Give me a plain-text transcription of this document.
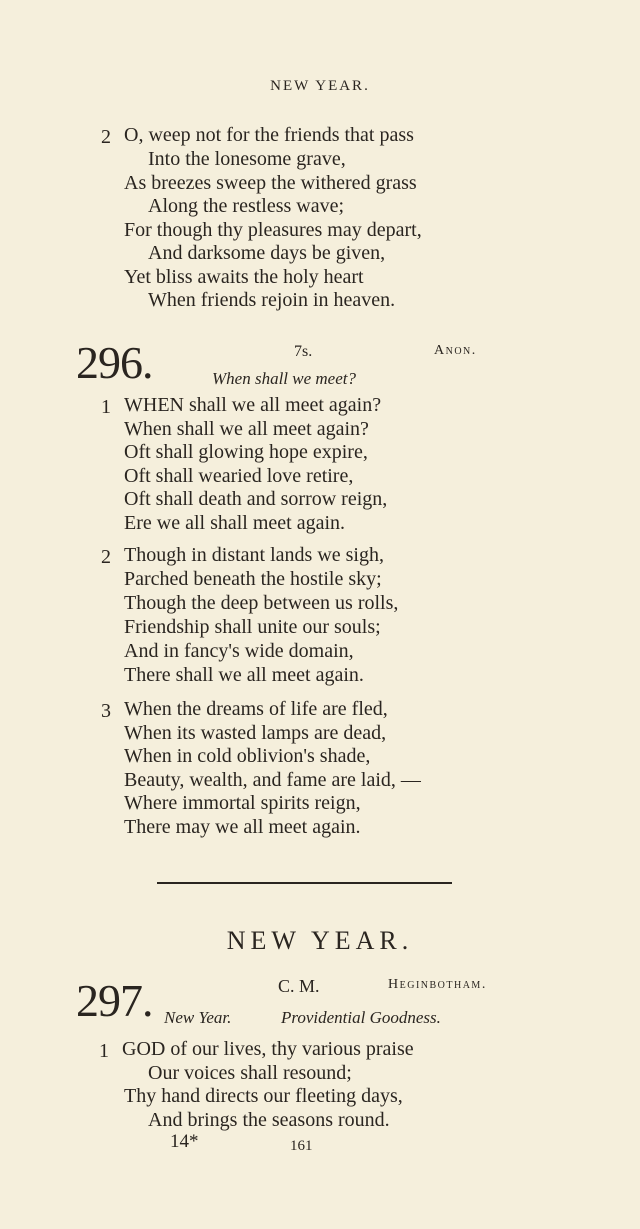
NEW YEAR.
2 O, weep not for the friends that pass
Into the lonesome grave,
As breezes sweep the withered grass
Along the restless wave;
For though thy pleasures may depart,
And darksome days be given,
Yet bliss awaits the holy heart
When friends rejoin in heaven.
296.	7s.	Anon.
When shall we meet?
1 WHEN shall we all meet again?
When shall we all meet again?
Oft shall glowing hope expire,
Oft shall wearied love retire,
Oft shall death and sorrow reign,
Ere we all shall meet again.
2 Though in distant lands we sigh,
Parched beneath the hostile sky;
Though the deep between us rolls,
Friendship shall unite our souls;
And in fancy's wide domain,
There shall we all meet again.
3 When the dreams of life are fled,
When its wasted lamps are dead,
When in cold oblivion's shade,
Beauty, wealth, and fame are laid, —
Where immortal spirits reign,
There may we all meet again.
NEW YEAR.
297.	C. M.	Heginbotham.
New Year.	Providential Goodness.
1 GOD of our lives, thy various praise
Our voices shall resound;
Thy hand directs our fleeting days,
And brings the seasons round.
14*	161
